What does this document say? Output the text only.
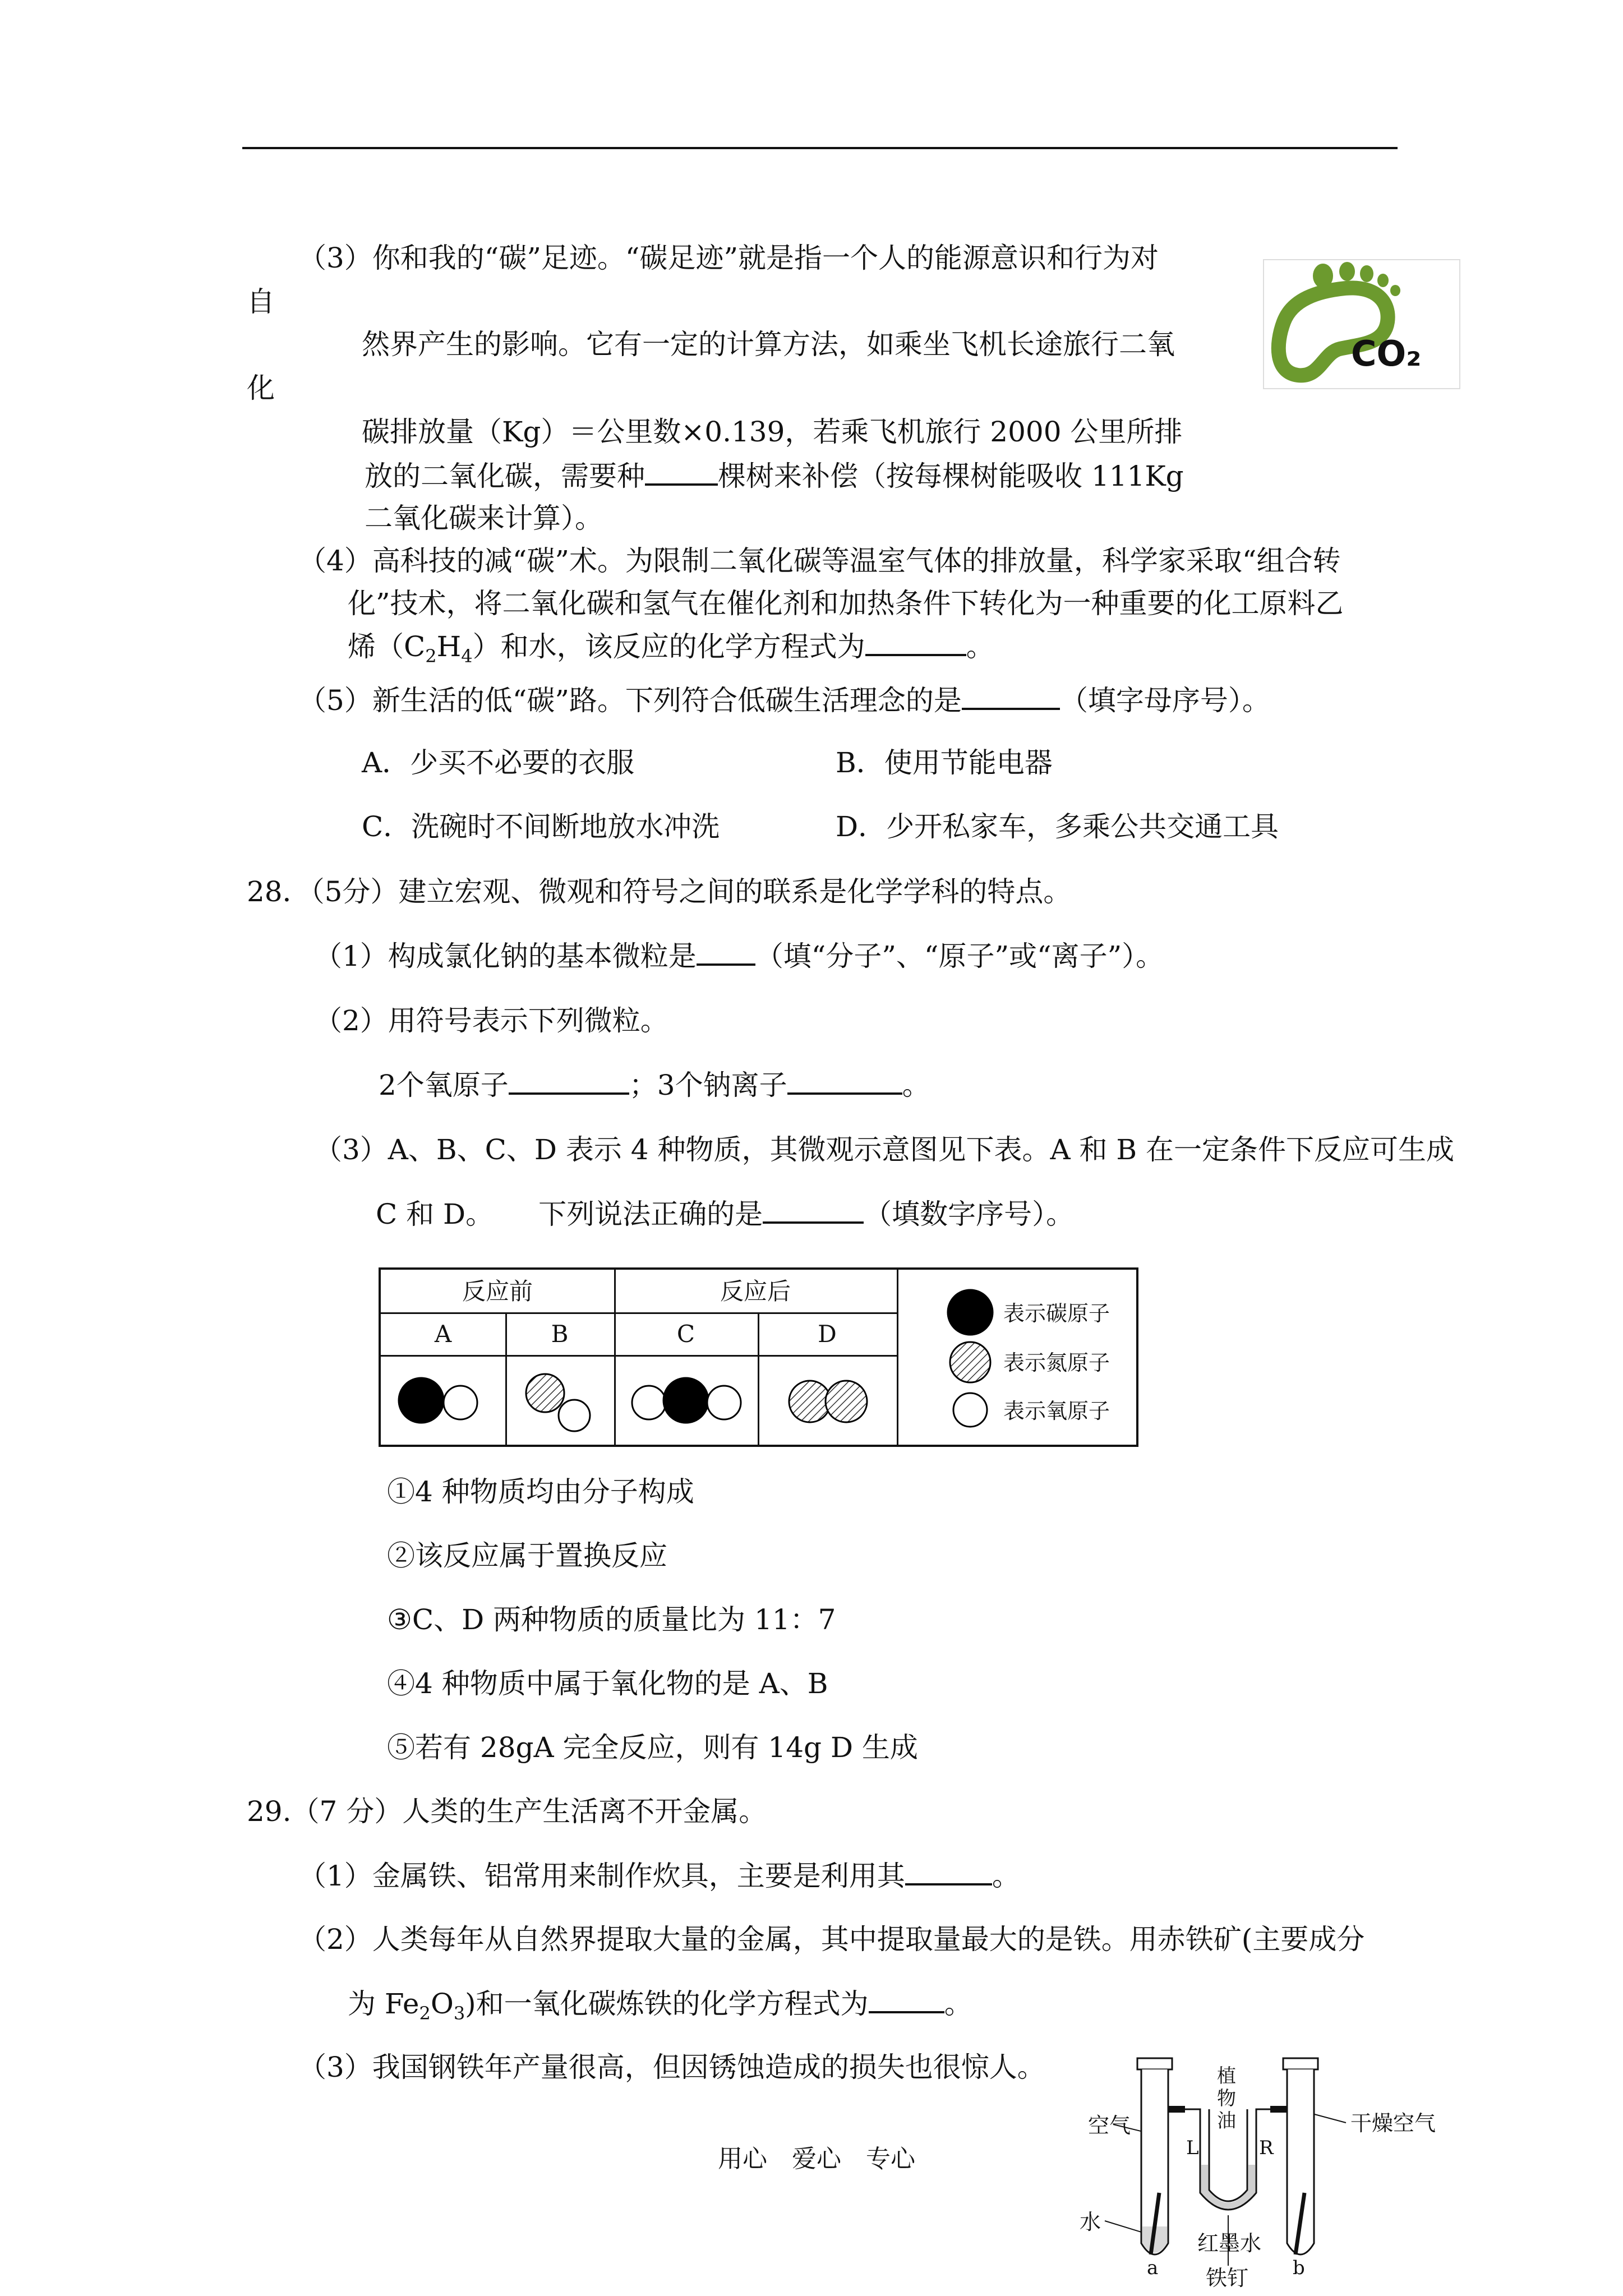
（3）你和我的“碳”足迹。“碳足迹”就是指一个人的能源意识和行为对
自
然界产生的影响。它有一定的计算方法，如乘坐飞机长途旅行二氧
化
碳排放量（Kg）＝公里数×0.139，若乘飞机旅行 2000 公里所排
放的二氧化碳，需要种	棵树来补偿（按每棵树能吸收 111Kg
二氧化碳来计算）。
CO₂
（4）高科技的减“碳”术。为限制二氧化碳等温室气体的排放量，科学家采取“组合转
化”技术，将二氧化碳和氢气在催化剂和加热条件下转化为一种重要的化工原料乙
烯$(C_2H_4)$和水，该反应的化学方程式为	。
（5）新生活的低“碳”路。下列符合低碳生活理念的是	（填字母序号）。
A．少买不必要的衣服	B．使用节能电器
C．洗碗时不间断地放水冲洗	D．少开私家车，多乘公共交通工具
28．（5分）建立宏观、微观和符号之间的联系是化学学科的特点。
（1）构成氯化钠的基本微粒是 （填“分子”、“原子”或“离子”）。
（2）用符号表示下列微粒。
2个氧原子	；3个钠离子	。
（3）A、B、C、D 表示 4 种物质，其微观示意图见下表。A 和 B 在一定条件下反应可生成
C 和 D。 下列说法正确的是	（填数字序号）。
反应前	反应后
A	B	C	D
表示碳原子
表示氮原子
表示氧原子
①4 种物质均由分子构成
②该反应属于置换反应
③C、D 两种物质的质量比为 11：7
④4 种物质中属于氧化物的是 A、B
⑤若有 28gA 完全反应，则有 14g D 生成
29.（7 分）人类的生产生活离不开金属。
（1）金属铁、铝常用来制作炊具，主要是利用其	。
（2）人类每年从自然界提取大量的金属，其中提取量最大的是铁。用赤铁矿(主要成分
为 $Fe_2O_3$)和一氧化碳炼铁的化学方程式为	。
（3）我国钢铁年产量很高，但因锈蚀造成的损失也很惊人。
空气
水
植物油
L	R
干燥空气
红墨水
a	b
铁钉
用心　爱心　专心
